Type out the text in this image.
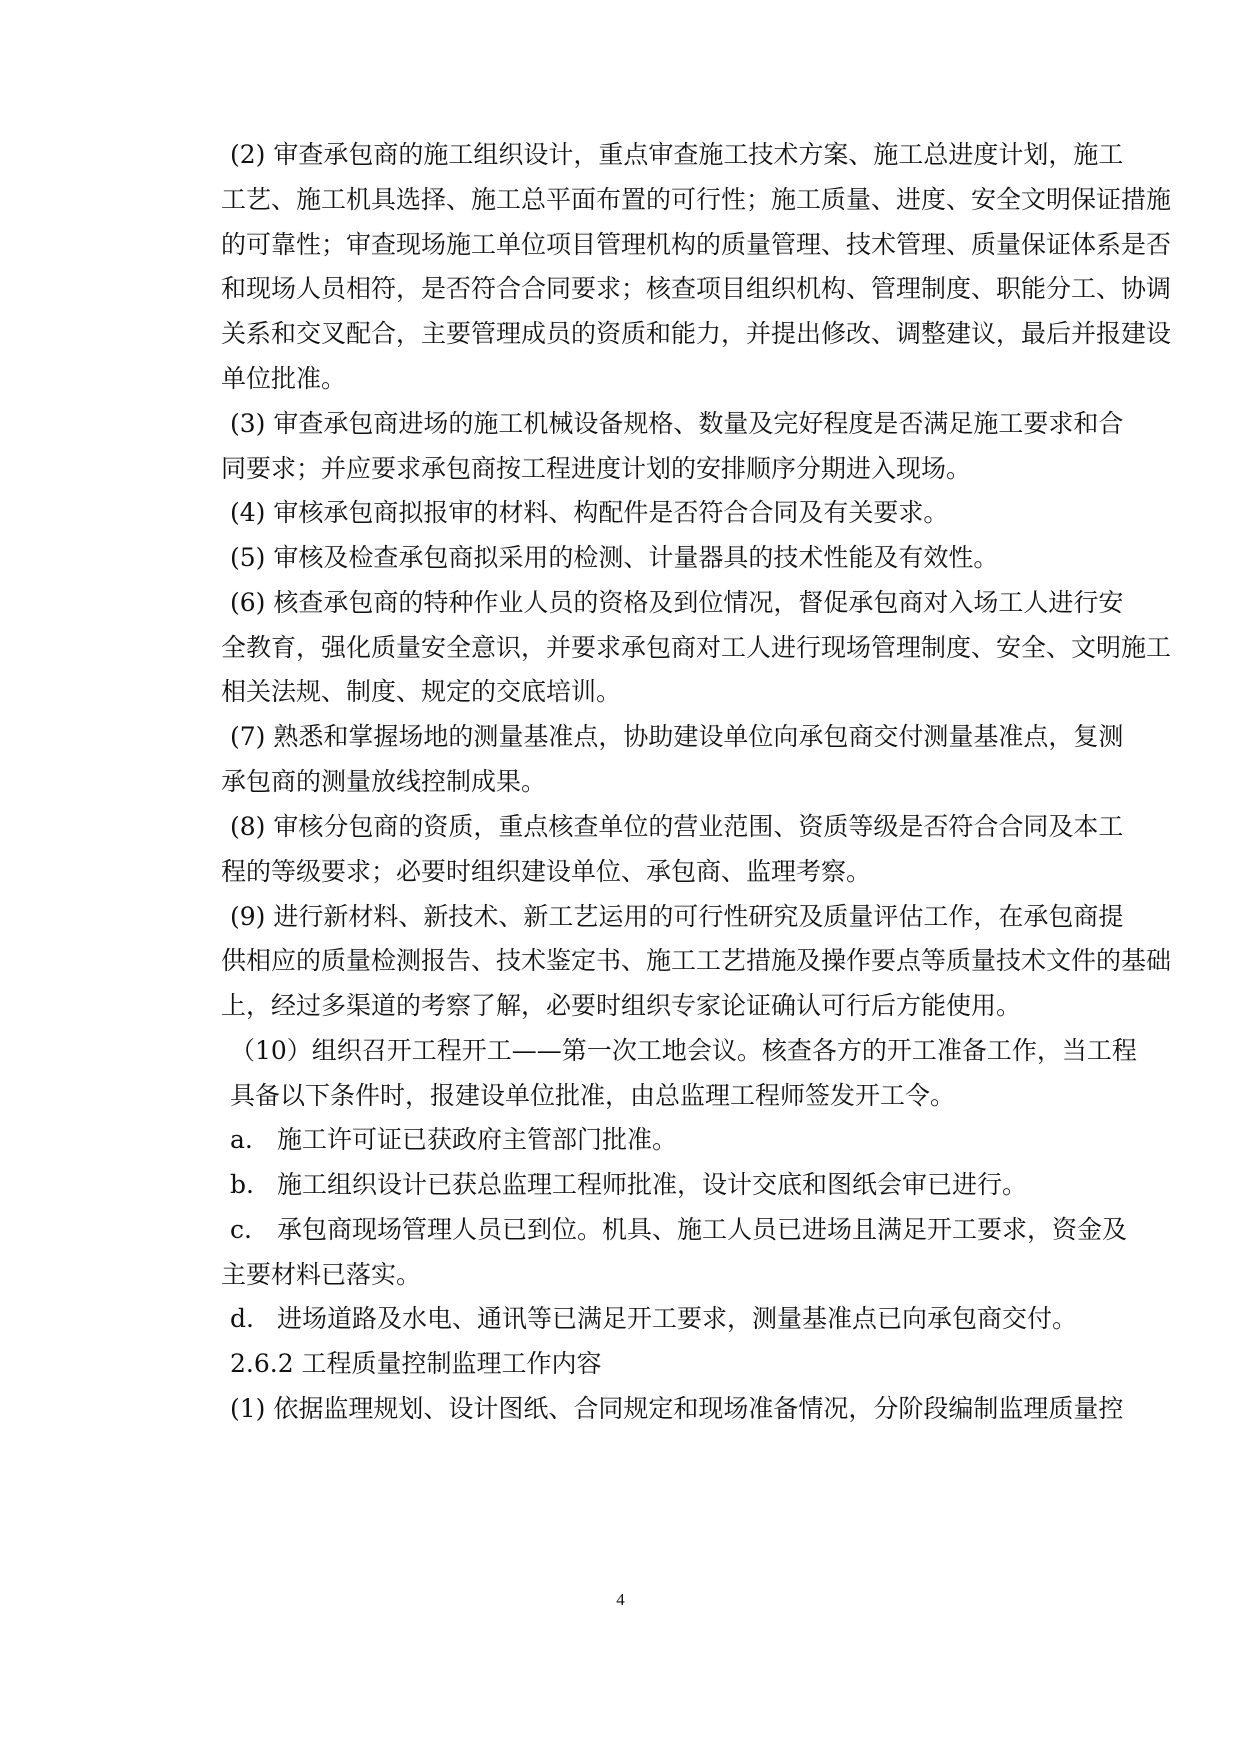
(2) 审查承包商的施工组织设计，重点审查施工技术方案、施工总进度计划，施工
工艺、施工机具选择、施工总平面布置的可行性；施工质量、进度、安全文明保证措施
的可靠性；审查现场施工单位项目管理机构的质量管理、技术管理、质量保证体系是否
和现场人员相符，是否符合合同要求；核查项目组织机构、管理制度、职能分工、协调
关系和交叉配合，主要管理成员的资质和能力，并提出修改、调整建议，最后并报建设
单位批准。
(3) 审查承包商进场的施工机械设备规格、数量及完好程度是否满足施工要求和合
同要求；并应要求承包商按工程进度计划的安排顺序分期进入现场。
(4) 审核承包商拟报审的材料、构配件是否符合合同及有关要求。
(5) 审核及检查承包商拟采用的检测、计量器具的技术性能及有效性。
(6) 核查承包商的特种作业人员的资格及到位情况，督促承包商对入场工人进行安
全教育，强化质量安全意识，并要求承包商对工人进行现场管理制度、安全、文明施工
相关法规、制度、规定的交底培训。
(7) 熟悉和掌握场地的测量基准点，协助建设单位向承包商交付测量基准点，复测
承包商的测量放线控制成果。
(8) 审核分包商的资质，重点核查单位的营业范围、资质等级是否符合合同及本工
程的等级要求；必要时组织建设单位、承包商、监理考察。
(9) 进行新材料、新技术、新工艺运用的可行性研究及质量评估工作，在承包商提
供相应的质量检测报告、技术鉴定书、施工工艺措施及操作要点等质量技术文件的基础
上，经过多渠道的考察了解，必要时组织专家论证确认可行后方能使用。
（10）组织召开工程开工——第一次工地会议。核查各方的开工准备工作，当工程
具备以下条件时，报建设单位批准，由总监理工程师签发开工令。
a. 施工许可证已获政府主管部门批准。
b. 施工组织设计已获总监理工程师批准，设计交底和图纸会审已进行。
c. 承包商现场管理人员已到位。机具、施工人员已进场且满足开工要求，资金及
主要材料已落实。
d. 进场道路及水电、通讯等已满足开工要求，测量基准点已向承包商交付。
2.6.2 工程质量控制监理工作内容
(1) 依据监理规划、设计图纸、合同规定和现场准备情况，分阶段编制监理质量控
4
